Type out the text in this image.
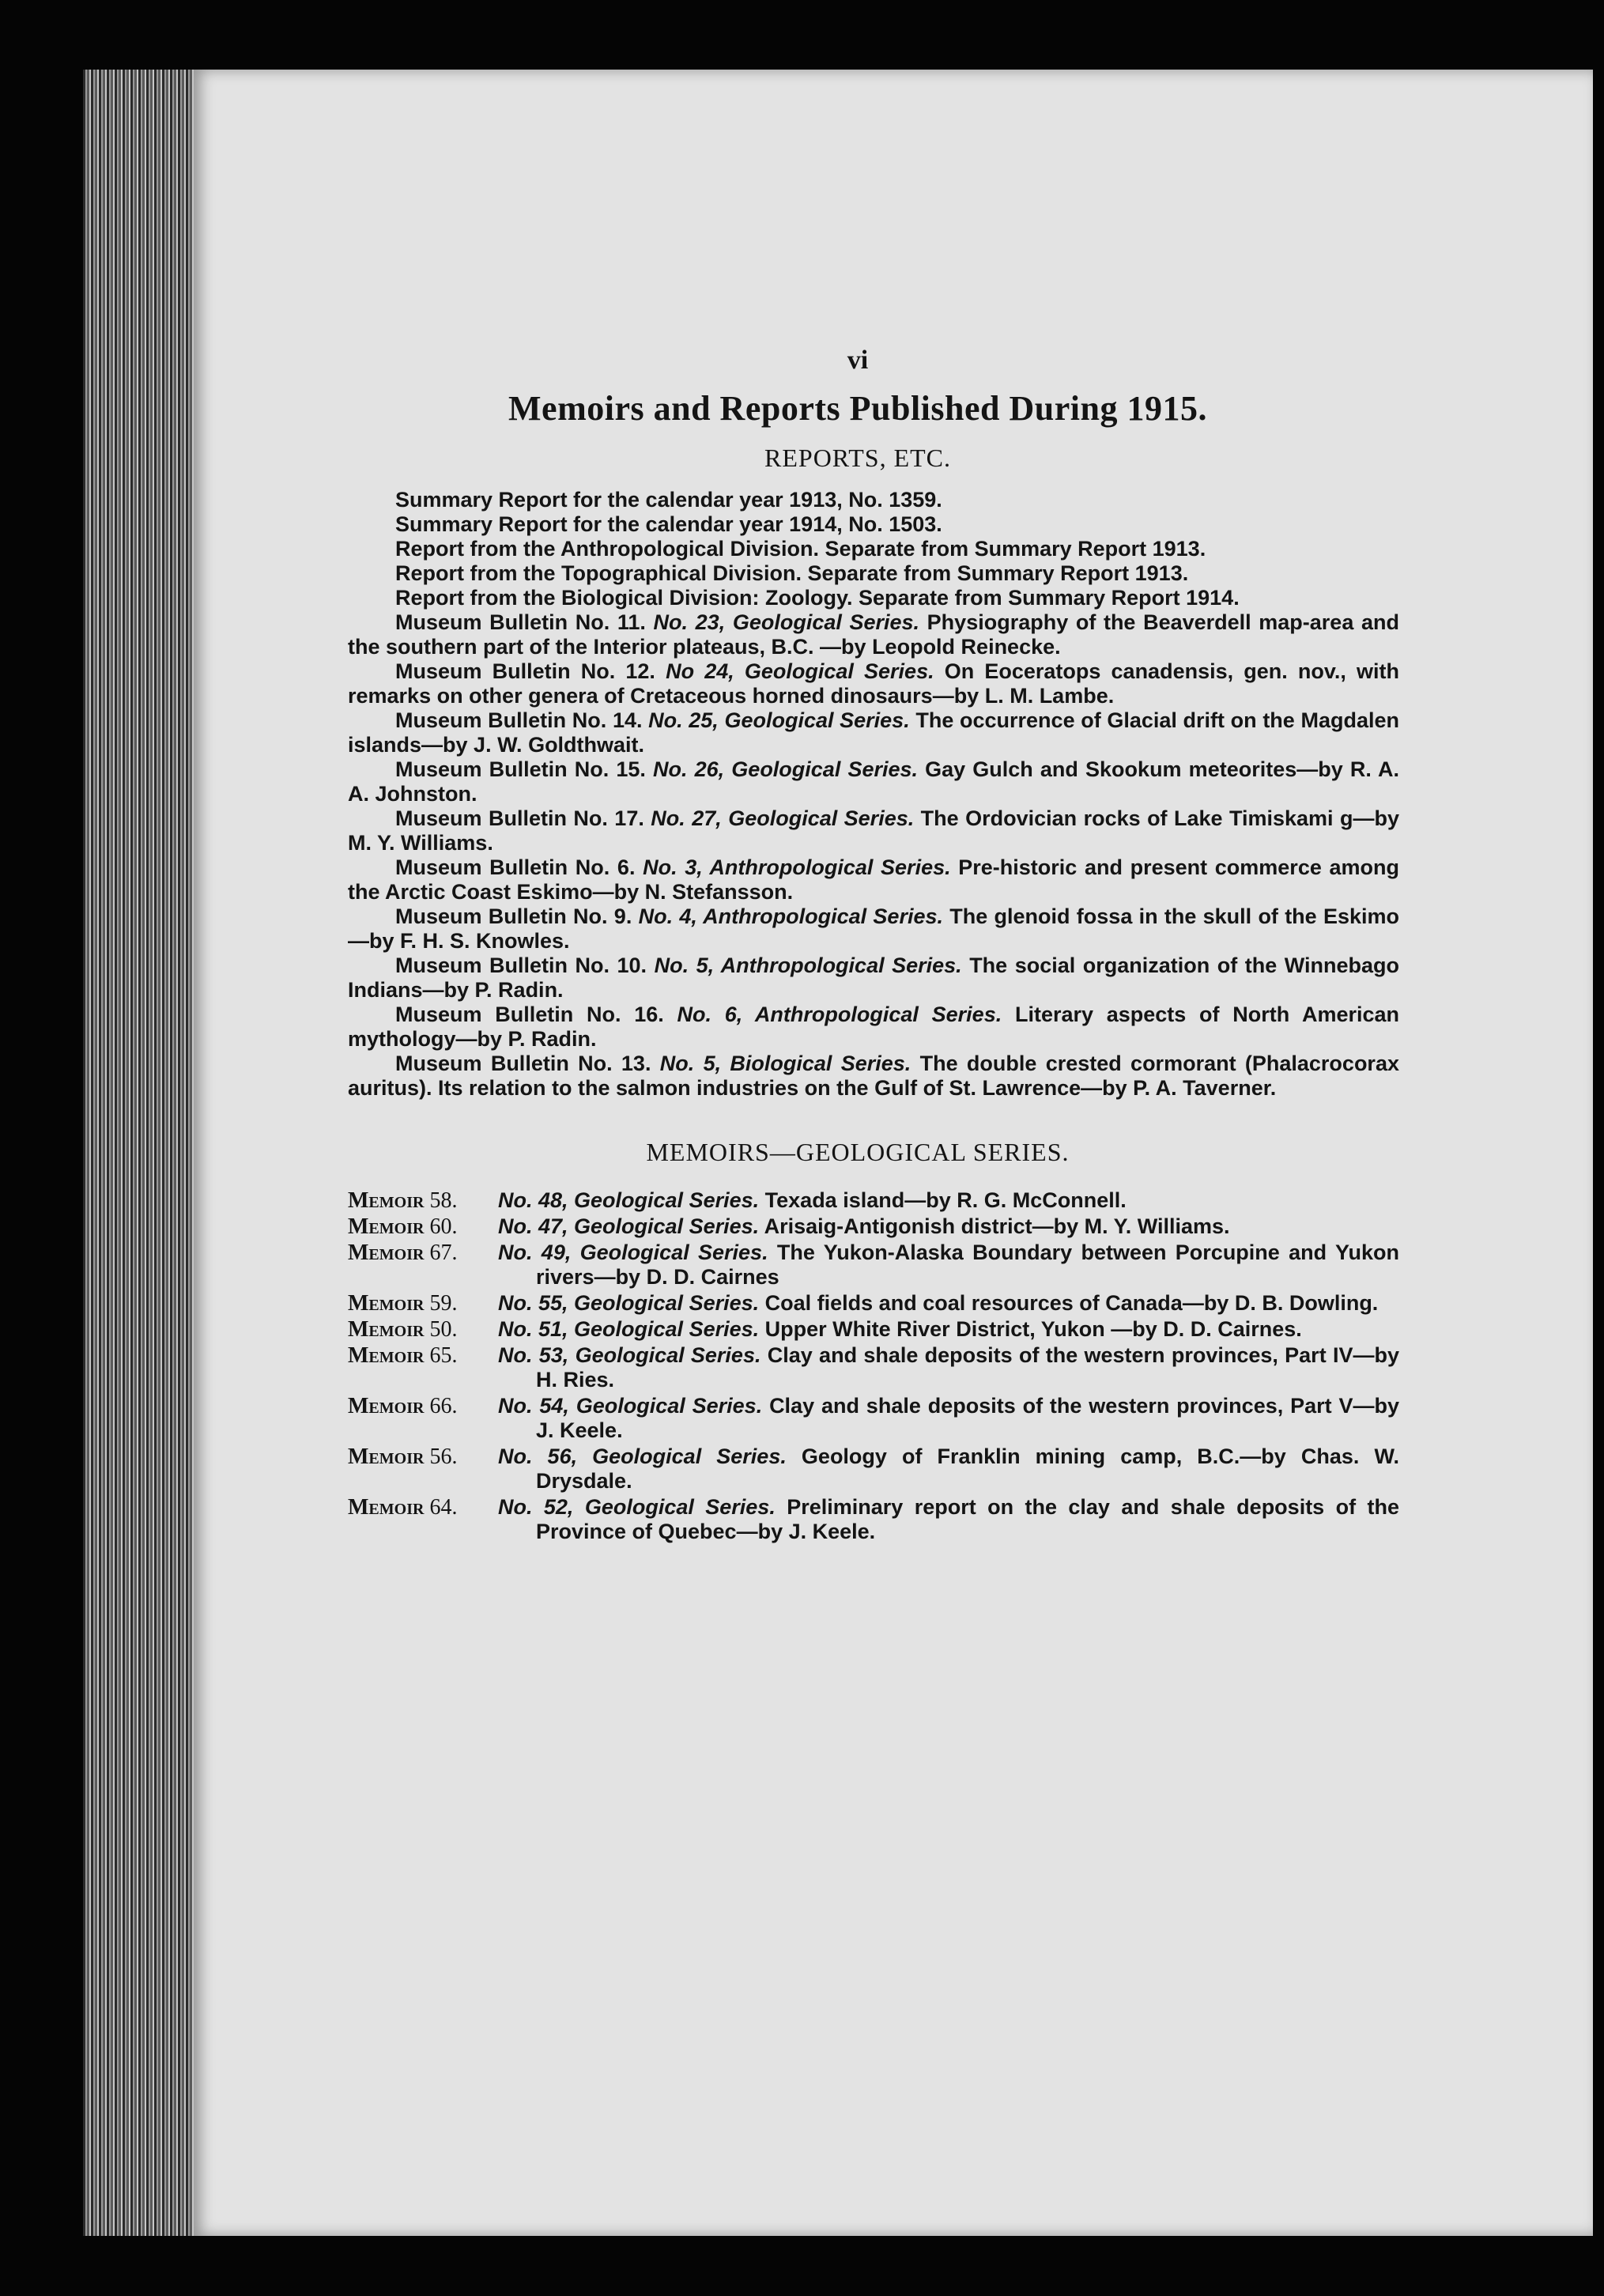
vi
Memoirs and Reports Published During 1915.
REPORTS, ETC.
Summary Report for the calendar year 1913, No. 1359.
Summary Report for the calendar year 1914, No. 1503.
Report from the Anthropological Division. Separate from Summary Report 1913.
Report from the Topographical Division. Separate from Summary Report 1913.
Report from the Biological Division: Zoology. Separate from Summary Report 1914.
Museum Bulletin No. 11. No. 23, Geological Series. Physiography of the Beaverdell map-area and the southern part of the Interior plateaus, B.C. —by Leopold Reinecke.
Museum Bulletin No. 12. No 24, Geological Series. On Eoceratops canadensis, gen. nov., with remarks on other genera of Cretaceous horned dinosaurs—by L. M. Lambe.
Museum Bulletin No. 14. No. 25, Geological Series. The occurrence of Glacial drift on the Magdalen islands—by J. W. Goldthwait.
Museum Bulletin No. 15. No. 26, Geological Series. Gay Gulch and Skookum meteorites—by R. A. A. Johnston.
Museum Bulletin No. 17. No. 27, Geological Series. The Ordovician rocks of Lake Timiskami g—by M. Y. Williams.
Museum Bulletin No. 6. No. 3, Anthropological Series. Pre-historic and present commerce among the Arctic Coast Eskimo—by N. Stefansson.
Museum Bulletin No. 9. No. 4, Anthropological Series. The glenoid fossa in the skull of the Eskimo—by F. H. S. Knowles.
Museum Bulletin No. 10. No. 5, Anthropological Series. The social organization of the Winnebago Indians—by P. Radin.
Museum Bulletin No. 16. No. 6, Anthropological Series. Literary aspects of North American mythology—by P. Radin.
Museum Bulletin No. 13. No. 5, Biological Series. The double crested cormorant (Phalacrocorax auritus). Its relation to the salmon industries on the Gulf of St. Lawrence—by P. A. Taverner.
MEMOIRS—GEOLOGICAL SERIES.
Memoir 58.	No. 48, Geological Series. Texada island—by R. G. McConnell.
Memoir 60.	No. 47, Geological Series. Arisaig-Antigonish district—by M. Y. Williams.
Memoir 67.	No. 49, Geological Series. The Yukon-Alaska Boundary between Porcupine and Yukon rivers—by D. D. Cairnes
Memoir 59.	No. 55, Geological Series. Coal fields and coal resources of Canada—by D. B. Dowling.
Memoir 50.	No. 51, Geological Series. Upper White River District, Yukon —by D. D. Cairnes.
Memoir 65.	No. 53, Geological Series. Clay and shale deposits of the western provinces, Part IV—by H. Ries.
Memoir 66.	No. 54, Geological Series. Clay and shale deposits of the western provinces, Part V—by J. Keele.
Memoir 56.	No. 56, Geological Series. Geology of Franklin mining camp, B.C.—by Chas. W. Drysdale.
Memoir 64.	No. 52, Geological Series. Preliminary report on the clay and shale deposits of the Province of Quebec—by J. Keele.
